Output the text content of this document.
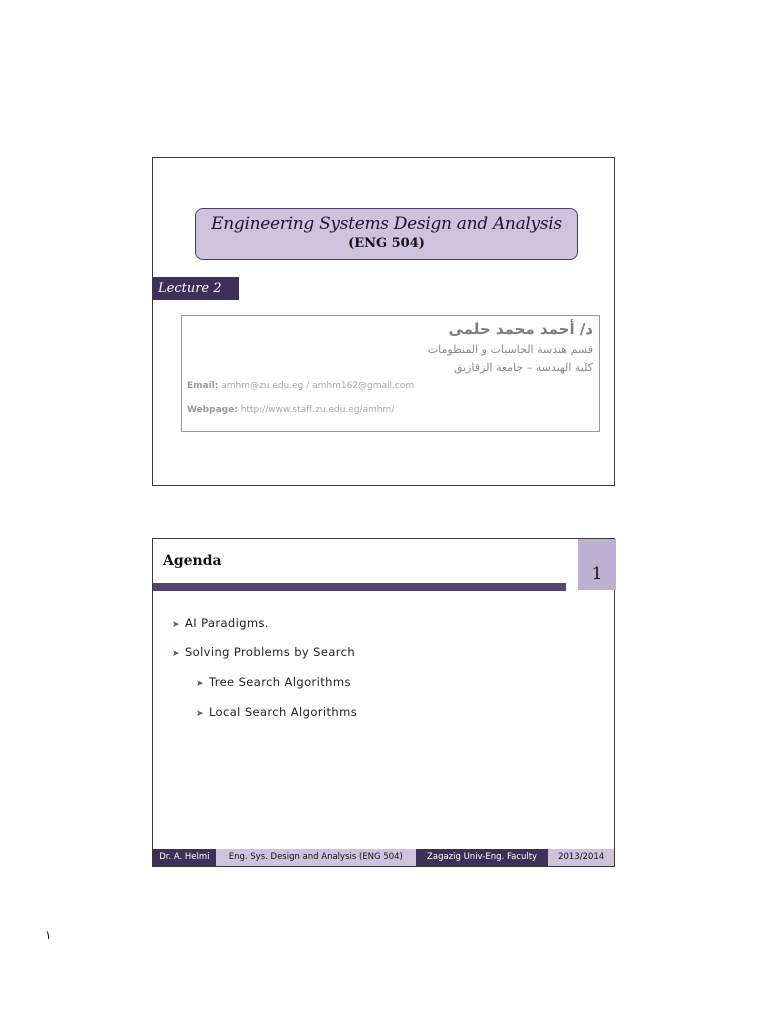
Engineering Systems Design and Analysis
(ENG 504)
Lecture 2
د/ أحمد محمد حلمى
قسم هندسة الحاسبات و المنظومات
كلية الهندسة – جامعة الزقازيق
Email: amhm@zu.edu.eg / amhm162@gmail.com
Webpage: http://www.staff.zu.edu.eg/amhm/
Agenda
1
➤ AI Paradigms.
➤ Solving Problems by Search
➤ Tree Search Algorithms
➤ Local Search Algorithms
Dr. A. Helmi	Eng. Sys. Design and Analysis (ENG 504)	Zagazig Univ-Eng. Faculty	2013/2014
١
